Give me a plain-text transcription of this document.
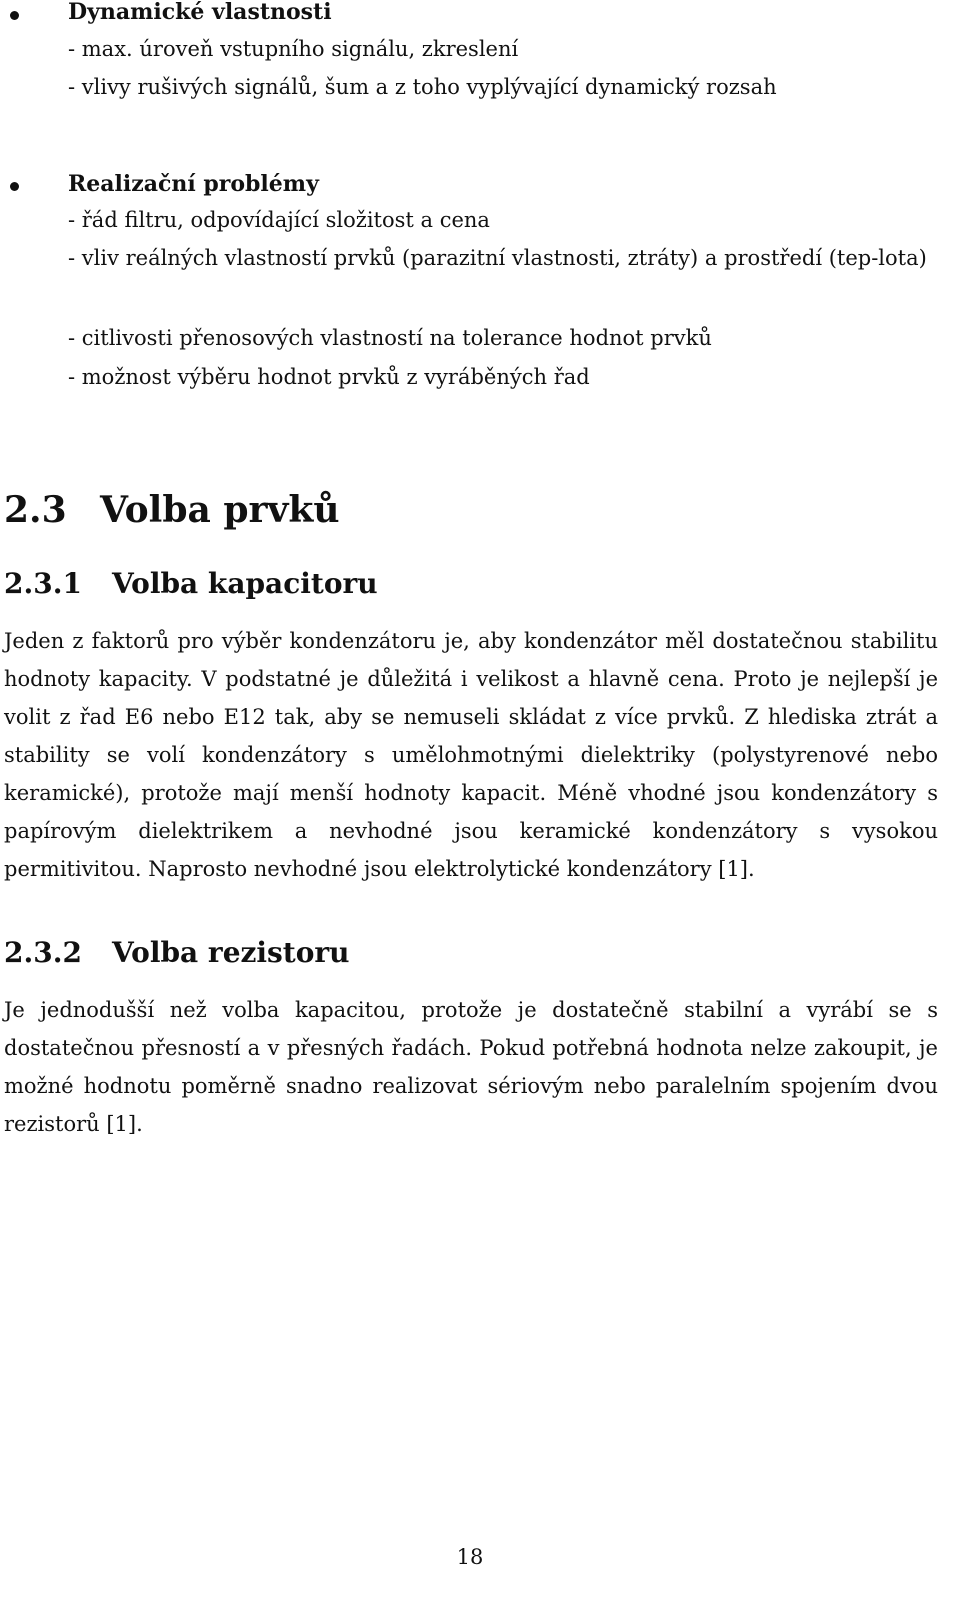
Dynamické vlastnosti
- max. úroveň vstupního signálu, zkreslení
- vlivy rušivých signálů, šum a z toho vyplývající dynamický rozsah
Realizační problémy
- řád filtru, odpovídající složitost a cena
- vliv reálných vlastností prvků (parazitní vlastnosti, ztráty) a prostředí (tep-lota)
- citlivosti přenosových vlastností na tolerance hodnot prvků
- možnost výběru hodnot prvků z vyráběných řad
2.3 Volba prvků
2.3.1 Volba kapacitoru
Jeden z faktorů pro výběr kondenzátoru je, aby kondenzátor měl dostatečnou stabilitu hodnoty kapacity. V podstatné je důležitá i velikost a hlavně cena. Proto je nejlepší je volit z řad E6 nebo E12 tak, aby se nemuseli skládat z více prvků. Z hlediska ztrát a stability se volí kondenzátory s umělohmotnými dielektriky (polystyrenové nebo keramické), protože mají menší hodnoty kapacit. Méně vhodné jsou kondenzátory s papírovým dielektrikem a nevhodné jsou keramické kondenzátory s vysokou permitivitou. Naprosto nevhodné jsou elektrolytické kondenzátory [1].
2.3.2 Volba rezistoru
Je jednodušší než volba kapacitou, protože je dostatečně stabilní a vyrábí se s dostatečnou přesností a v přesných řadách. Pokud potřebná hodnota nelze zakoupit, je možné hodnotu poměrně snadno realizovat sériovým nebo paralelním spojením dvou rezistorů [1].
18
